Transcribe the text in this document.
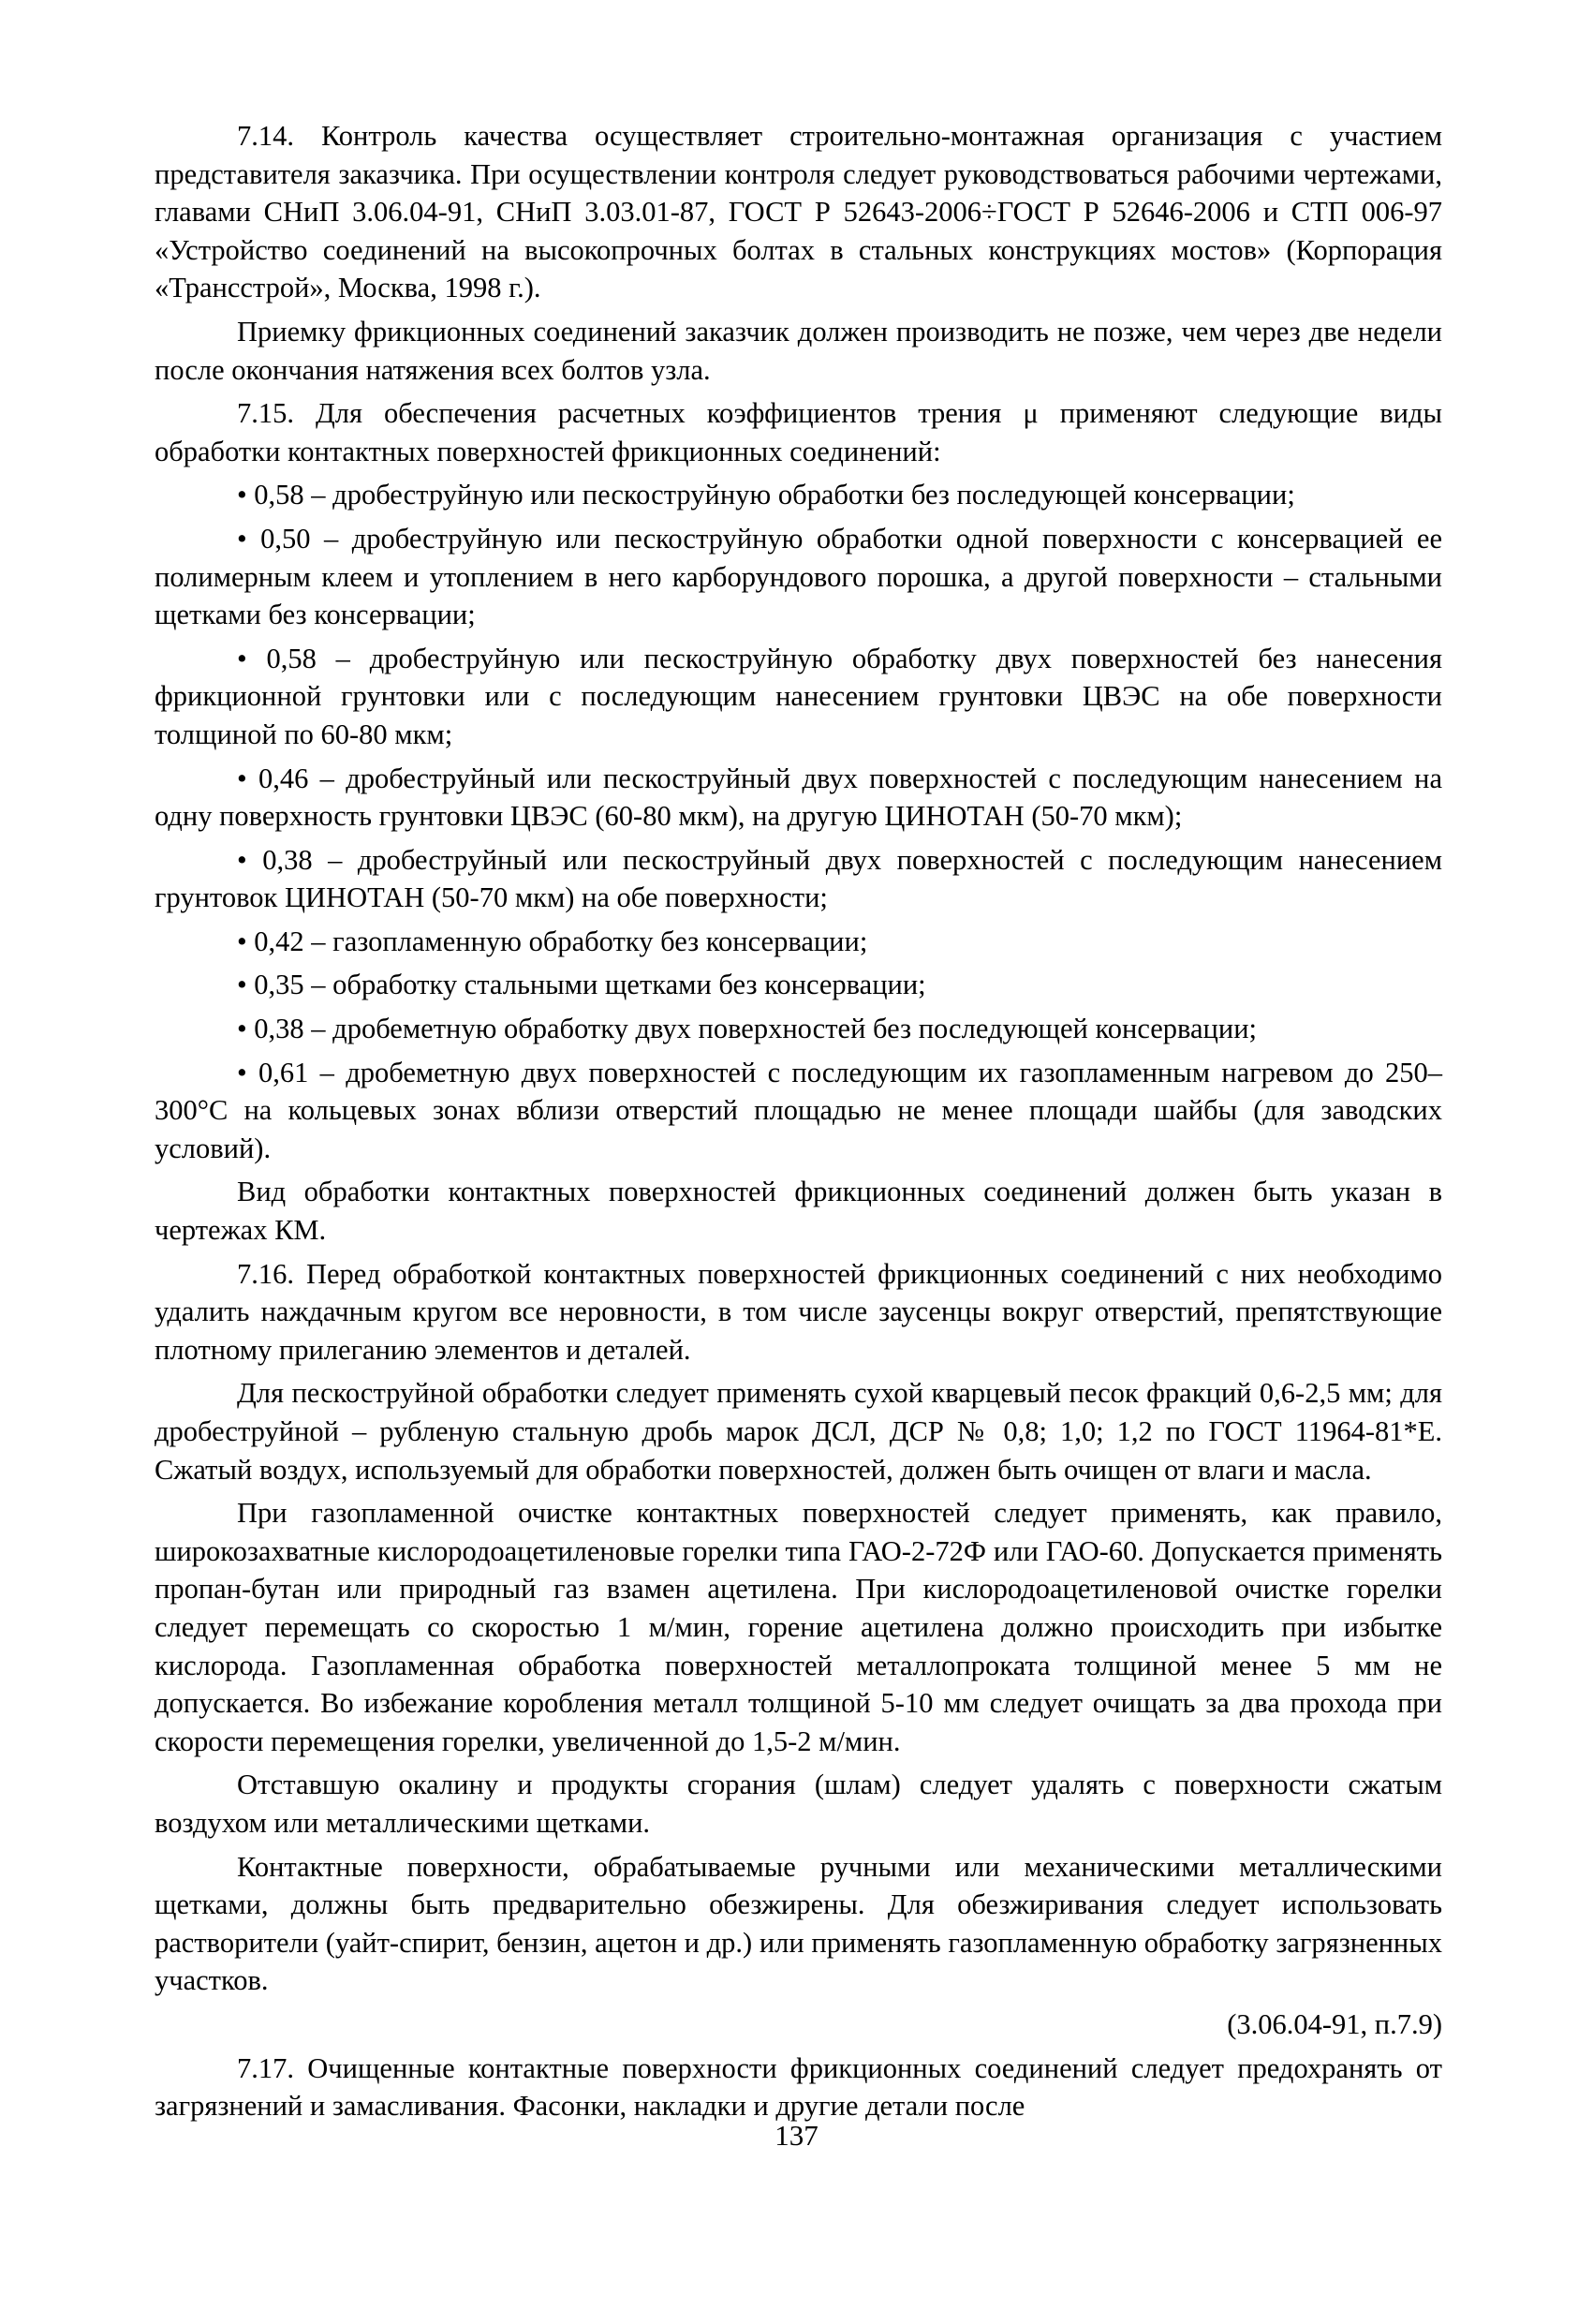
7.14. Контроль качества осуществляет строительно-монтажная организация с участием представителя заказчика. При осуществлении контроля следует руководствоваться рабочими чертежами, главами СНиП 3.06.04-91, СНиП 3.03.01-87, ГОСТ Р 52643-2006÷ГОСТ Р 52646-2006 и СТП 006-97 «Устройство соединений на высокопрочных болтах в стальных конструкциях мостов» (Корпорация «Трансстрой», Москва, 1998 г.).

Приемку фрикционных соединений заказчик должен производить не позже, чем через две недели после окончания натяжения всех болтов узла.

7.15. Для обеспечения расчетных коэффициентов трения μ применяют следующие виды обработки контактных поверхностей фрикционных соединений:

• 0,58 – дробеструйную или пескоструйную обработки без последующей консервации;

• 0,50 – дробеструйную или пескоструйную обработки одной поверхности с консервацией ее полимерным клеем и утоплением в него карборундового порошка, а другой поверхности – стальными щетками без консервации;

• 0,58 – дробеструйную или пескоструйную обработку двух поверхностей без нанесения фрикционной грунтовки или с последующим нанесением грунтовки ЦВЭС на обе поверхности толщиной по 60-80 мкм;

• 0,46 – дробеструйный или пескоструйный двух поверхностей с последующим нанесением на одну поверхность грунтовки ЦВЭС (60-80 мкм), на другую ЦИНОТАН (50-70 мкм);

• 0,38 – дробеструйный или пескоструйный двух поверхностей с последующим нанесением грунтовок ЦИНОТАН (50-70 мкм) на обе поверхности;

• 0,42 – газопламенную обработку без консервации;

• 0,35 – обработку стальными щетками без консервации;

• 0,38 – дробеметную обработку двух поверхностей без последующей консервации;

• 0,61 – дробеметную двух поверхностей с последующим их газопламенным нагревом до 250–300°С на кольцевых зонах вблизи отверстий площадью не менее площади шайбы (для заводских условий).

Вид обработки контактных поверхностей фрикционных соединений должен быть указан в чертежах КМ.

7.16. Перед обработкой контактных поверхностей фрикционных соединений с них необходимо удалить наждачным кругом все неровности, в том числе заусенцы вокруг отверстий, препятствующие плотному прилеганию элементов и деталей.

Для пескоструйной обработки следует применять сухой кварцевый песок фракций 0,6-2,5 мм; для дробеструйной – рубленую стальную дробь марок ДСЛ, ДСР № 0,8; 1,0; 1,2 по ГОСТ 11964-81*Е. Сжатый воздух, используемый для обработки поверхностей, должен быть очищен от влаги и масла.

При газопламенной очистке контактных поверхностей следует применять, как правило, широкозахватные кислородоацетиленовые горелки типа ГАО-2-72Ф или ГАО-60. Допускается применять пропан-бутан или природный газ взамен ацетилена. При кислородоацетиленовой очистке горелки следует перемещать со скоростью 1 м/мин, горение ацетилена должно происходить при избытке кислорода. Газопламенная обработка поверхностей металлопроката толщиной менее 5 мм не допускается. Во избежание коробления металл толщиной 5-10 мм следует очищать за два прохода при скорости перемещения горелки, увеличенной до 1,5-2 м/мин.

Отставшую окалину и продукты сгорания (шлам) следует удалять с поверхности сжатым воздухом или металлическими щетками.

Контактные поверхности, обрабатываемые ручными или механическими металлическими щетками, должны быть предварительно обезжирены. Для обезжиривания следует использовать растворители (уайт-спирит, бензин, ацетон и др.) или применять газопламенную обработку загрязненных участков.

(3.06.04-91, п.7.9)

7.17. Очищенные контактные поверхности фрикционных соединений следует предохранять от загрязнений и замасливания. Фасонки, накладки и другие детали после

137
